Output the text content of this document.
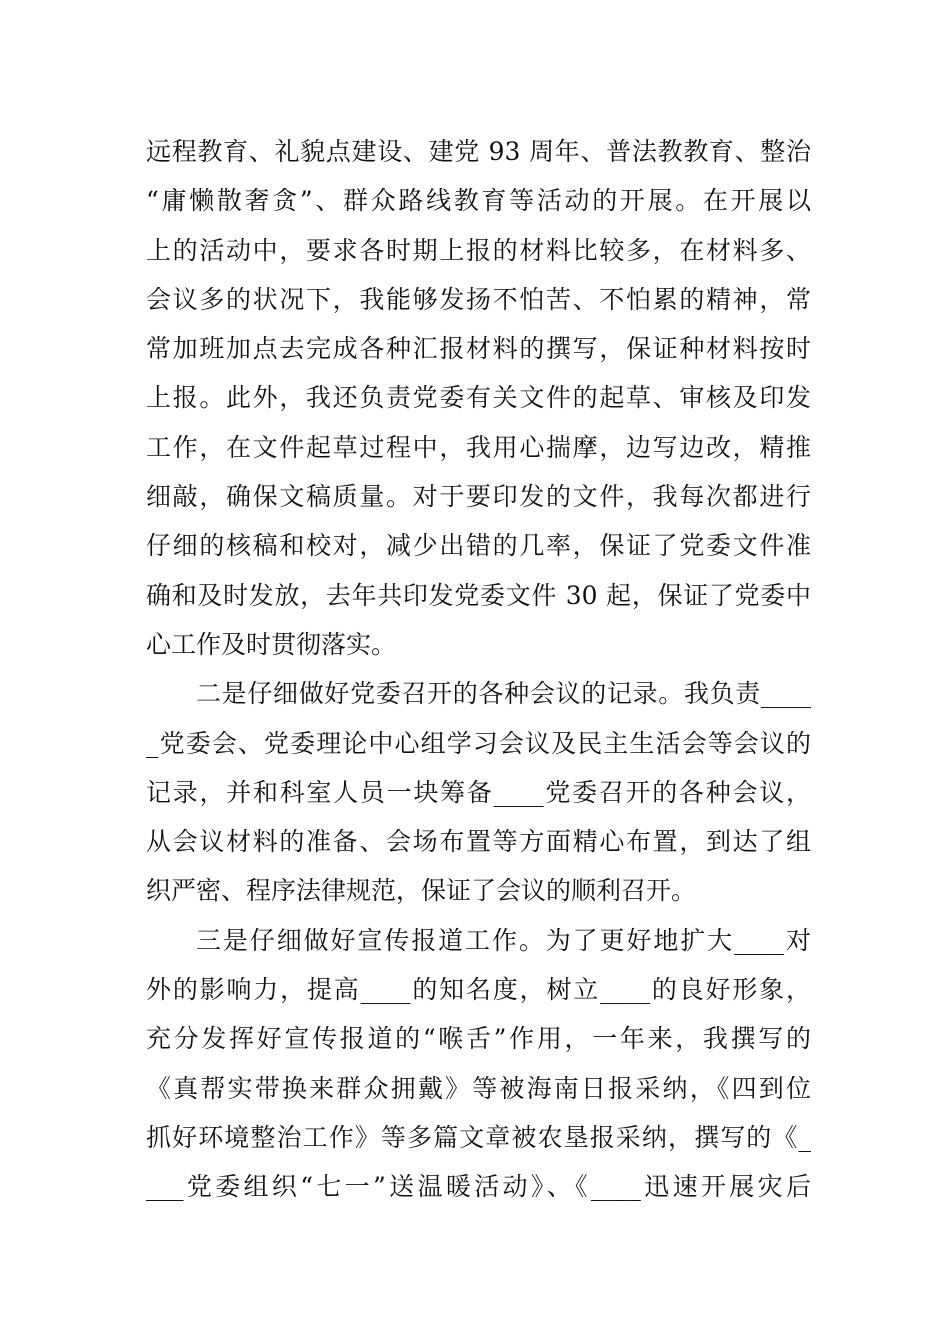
远程教育、礼貌点建设、建党 93 周年、普法教教育、整治
“庸懒散奢贪”、群众路线教育等活动的开展。在开展以
上的活动中，要求各时期上报的材料比较多，在材料多、
会议多的状况下，我能够发扬不怕苦、不怕累的精神，常
常加班加点去完成各种汇报材料的撰写，保证种材料按时
上报。此外，我还负责党委有关文件的起草、审核及印发
工作，在文件起草过程中，我用心揣摩，边写边改，精推
细敲，确保文稿质量。对于要印发的文件，我每次都进行
仔细的核稿和校对，减少出错的几率，保证了党委文件准
确和及时发放，去年共印发党委文件 30 起，保证了党委中
心工作及时贯彻落实。
二是仔细做好党委召开的各种会议的记录。我负责____
_党委会、党委理论中心组学习会议及民主生活会等会议的
记录，并和科室人员一块筹备____党委召开的各种会议，
从会议材料的准备、会场布置等方面精心布置，到达了组
织严密、程序法律规范，保证了会议的顺利召开。
三是仔细做好宣传报道工作。为了更好地扩大____对
外的影响力，提高____的知名度，树立____的良好形象，
充分发挥好宣传报道的“喉舌”作用，一年来，我撰写的
《真帮实带换来群众拥戴》等被海南日报采纳，《四到位
抓好环境整治工作》等多篇文章被农垦报采纳，撰写的《_
___党委组织“七一”送温暖活动》、《____迅速开展灾后
